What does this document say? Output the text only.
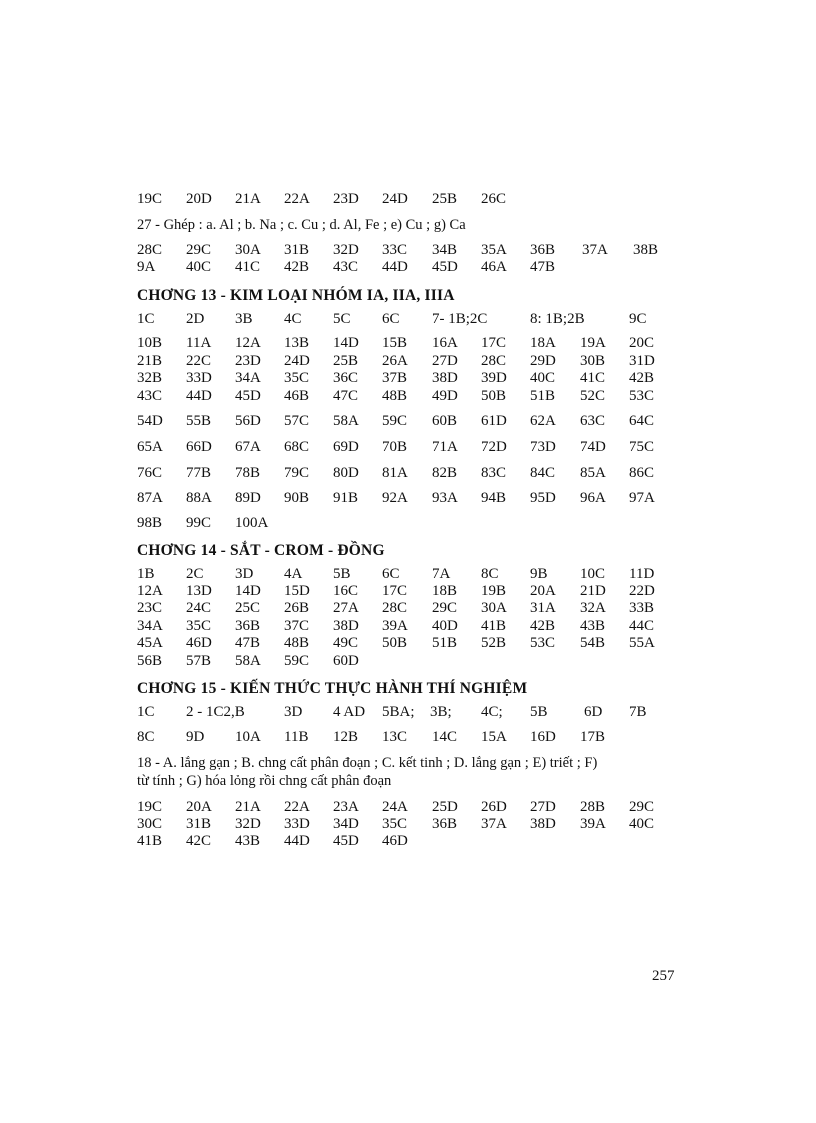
19C 20D 21A 22A 23D 24D 25B 26C
27 - Ghép : a. Al ; b. Na ; c. Cu ; d. Al, Fe ; e) Cu ; g) Ca
28C 29C 30A 31B 32D 33C 34B 35A 36B 37A 38B
9A 40C 41C 42B 43C 44D 45D 46A 47B
CHƠNG 13 - KIM LOẠI NHÓM IA, IIA, IIIA
1C 2D 3B 4C 5C 6C 7- 1B;2C	8: 1B;2B	9C
10B 11A 12A 13B 14D 15B 16A 17C 18A 19A 20C
21B 22C 23D 24D 25B 26A 27D 28C 29D 30B 31D
32B 33D 34A 35C 36C 37B 38D 39D 40C 41C 42B
43C 44D 45D 46B 47C 48B 49D 50B 51B 52C 53C
54D 55B 56D 57C 58A 59C 60B 61D 62A 63C 64C
65A 66D 67A 68C 69D 70B 71A 72D 73D 74D 75C
76C 77B 78B 79C 80D 81A 82B 83C 84C 85A 86C
87A 88A 89D 90B 91B 92A 93A 94B 95D 96A 97A
98B 99C 100A
CHƠNG 14 - SẮT - CROM - ĐỒNG
1B 2C 3D 4A 5B 6C 7A 8C 9B 10C 11D
12A 13D 14D 15D 16C 17C 18B 19B 20A 21D 22D
23C 24C 25C 26B 27A 28C 29C 30A 31A 32A 33B
34A 35C 36B 37C 38D 39A 40D 41B 42B 43B 44C
45A 46D 47B 48B 49C 50B 51B 52B 53C 54B 55A
56B 57B 58A 59C 60D
CHƠNG 15 - KIẾN THỨC THỰC HÀNH THÍ NGHIỆM
1C 2 - 1C2,B	3D 4 AD 5BA; 3B; 4C; 5B 6D 7B
8C 9D 10A 11B 12B 13C 14C 15A 16D 17B
18 - A. lắng gạn ; B. chng cất phân đoạn ; C. kết tinh ; D. lắng gạn ; E) triết ; F)
từ tính ; G) hóa lỏng rồi chng cất phân đoạn
19C 20A 21A 22A 23A 24A 25D 26D 27D 28B 29C
30C 31B 32D 33D 34D 35C 36B 37A 38D 39A 40C
41B 42C 43B 44D 45D 46D
257
